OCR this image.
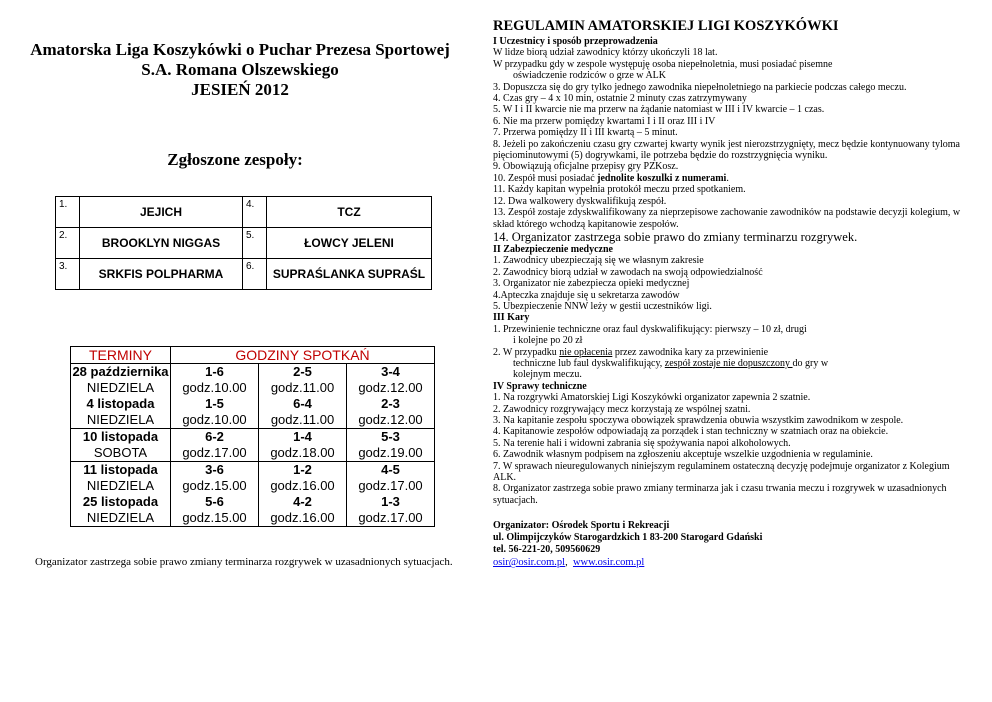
Amatorska Liga Koszykówki o Puchar Prezesa Sportowej
S.A. Romana Olszewskiego
JESIEŃ 2012
Zgłoszone zespoły:
1.	JEJICH	4.	TCZ
2.	BROOKLYN NIGGAS	5.	ŁOWCY JELENI
3.	SRKFIS POLPHARMA	6.	SUPRAŚLANKA SUPRAŚL
TERMINY	GODZINY SPOTKAŃ		
28 października	1-6	2-5	3-4
NIEDZIELA	godz.10.00	godz.11.00	godz.12.00
4 listopada	1-5	6-4	2-3
NIEDZIELA	godz.10.00	godz.11.00	godz.12.00
10 listopada	6-2	1-4	5-3
SOBOTA	godz.17.00	godz.18.00	godz.19.00
11 listopada	3-6	1-2	4-5
NIEDZIELA	godz.15.00	godz.16.00	godz.17.00
25 listopada	5-6	4-2	1-3
NIEDZIELA	godz.15.00	godz.16.00	godz.17.00
Organizator zastrzega sobie prawo zmiany terminarza rozgrywek w uzasadnionych sytuacjach.
REGULAMIN AMATORSKIEJ LIGI KOSZYKÓWKI
I Uczestnicy i sposób przeprowadzenia
W lidze biorą udział zawodnicy którzy ukończyli 18 lat.
W przypadku gdy w zespole występuję osoba niepełnoletnia, musi posiadać pisemne
oświadczenie rodziców o grze w ALK
3. Dopuszcza się do gry tylko jednego zawodnika niepełnoletniego na parkiecie podczas całego meczu.
4. Czas gry – 4 x 10 min, ostatnie 2 minuty czas zatrzymywany
5. W I i II kwarcie nie ma przerw na żądanie natomiast w III i IV kwarcie – 1 czas.
6. Nie ma przerw pomiędzy kwartami I i II oraz III i IV
7. Przerwa pomiędzy II i III kwartą – 5 minut.
8. Jeżeli po zakończeniu czasu gry czwartej kwarty wynik jest nierozstrzygnięty, mecz będzie kontynuowany tyloma pięciominutowymi (5) dogrywkami, ile potrzeba będzie do rozstrzygnięcia wyniku.
9. Obowiązują oficjalne przepisy gry PZKosz.
10. Zespół musi posiadać jednolite koszulki z numerami.
11. Każdy kapitan wypełnia protokół meczu przed spotkaniem.
12. Dwa walkowery dyskwalifikują zespół.
13. Zespół zostaje zdyskwalifikowany za nieprzepisowe zachowanie zawodników na podstawie decyzji kolegium, w skład którego wchodzą kapitanowie zespołów.
14. Organizator zastrzega sobie prawo do zmiany terminarzu rozgrywek.
II Zabezpieczenie medyczne
1. Zawodnicy ubezpieczają się we własnym zakresie
2. Zawodnicy biorą udział w zawodach na swoją odpowiedzialność
3. Organizator nie zabezpiecza opieki medycznej
4.Apteczka znajduje się u sekretarza zawodów
5. Ubezpieczenie NNW leży w gestii uczestników ligi.
III Kary
1. Przewinienie techniczne oraz faul dyskwalifikujący: pierwszy – 10 zł, drugi
i kolejne po 20 zł
2. W przypadku nie opłacenia przez zawodnika kary za przewinienie
techniczne lub faul dyskwalifikujący, zespół zostaje nie dopuszczony do gry w
kolejnym meczu.
IV Sprawy techniczne
1. Na rozgrywki Amatorskiej Ligi Koszykówki organizator zapewnia 2 szatnie.
2. Zawodnicy rozgrywający mecz korzystają ze wspólnej szatni.
3. Na kapitanie zespołu spoczywa obowiązek sprawdzenia obuwia wszystkim zawodnikom w zespole.
4. Kapitanowie zespołów odpowiadają za porządek i stan techniczny w szatniach oraz na obiekcie.
5. Na terenie hali i widowni zabrania się spożywania napoi alkoholowych.
6. Zawodnik własnym podpisem na zgłoszeniu akceptuje wszelkie uzgodnienia w regulaminie.
7. W sprawach nieuregulowanych niniejszym regulaminem ostateczną decyzję podejmuje organizator z Kolegium ALK.
8. Organizator zastrzega sobie prawo zmiany terminarza jak i czasu trwania meczu i rozgrywek w uzasadnionych sytuacjach.
Organizator: Ośrodek Sportu i Rekreacji
ul. Olimpijczyków Starogardzkich 1 83-200 Starogard Gdański
tel. 56-221-20, 509560629
osir@osir.com.pl, www.osir.com.pl
